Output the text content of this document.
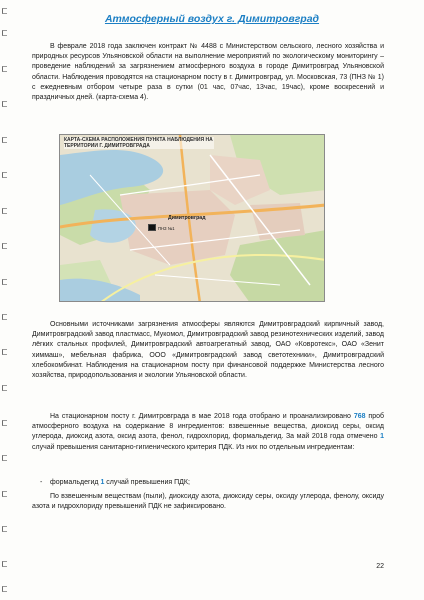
Атмосферный воздух г. Димитровград

В феврале 2018 года заключен контракт № 4488 с Министерством сельского, лесного хозяйства и природных ресурсов Ульяновской области на выполнение мероприятий по экологическому мониторингу – проведение наблюдений за загрязнением атмосферного воздуха в городе Димитровград Ульяновской области. Наблюдения проводятся на стационарном посту в г. Димитровград, ул. Московская, 73 (ПНЗ № 1) с ежедневным отбором четыре раза в сутки (01 час, 07час, 13час, 19час), кроме воскресений и праздничных дней. (карта-схема 4).

КАРТА-СХЕМА РАСПОЛОЖЕНИЯ ПУНКТА НАБЛЮДЕНИЯ НА ТЕРРИТОРИИ Г. ДИМИТРОВГРАДА
Димитровград
ПНЗ №1

Основными источниками загрязнения атмосферы являются Димитровградский кирпичный завод, Димитровградский завод пластмасс, Мукомол, Димитровградский завод резинотехнических изделий, завод лёгких стальных профилей, Димитровградский автоагрегатный завод, ОАО «Ковротекс», ОАО «Зенит химмаш», мебельная фабрика, ООО «Димитровградский завод светотехники», Димитровградский хлебокомбинат. Наблюдения на стационарном посту при финансовой поддержке Министерства лесного хозяйства, природопользования и экологии Ульяновской области.

На стационарном посту г. Димитровграда в мае 2018 года отобрано и проанализировано 768 проб атмосферного воздуха на содержание 8 ингредиентов: взвешенные вещества, диоксид серы, оксид углерода, диоксид азота, оксид азота, фенол, гидрохлорид, формальдегид. За май 2018 года отмечено 1 случай превышения санитарно-гигиенического критерия ПДК. Из них по отдельным ингредиентам:

- формальдегид 1 случай превышения ПДК;

По взвешенным веществам (пыли), диоксиду азота, диоксиду серы, оксиду углерода, фенолу, оксиду азота и гидрохлориду превышений ПДК не зафиксировано.

22
